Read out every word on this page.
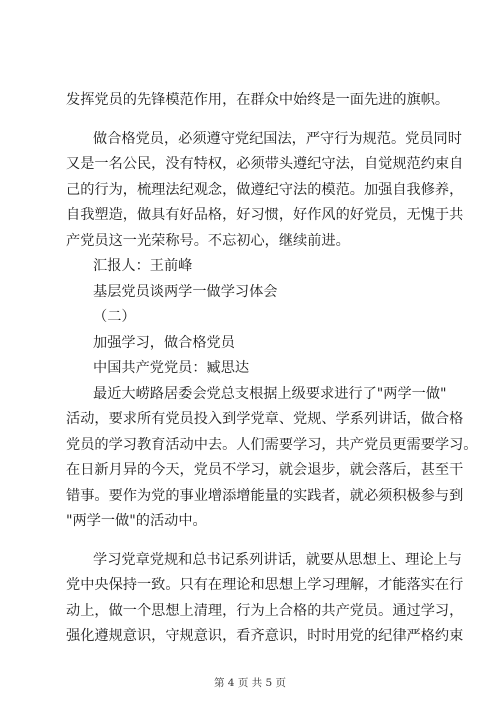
发挥党员的先锋模范作用，在群众中始终是一面先进的旗帜。
做合格党员，必须遵守党纪国法，严守行为规范。党员同时
又是一名公民，没有特权，必须带头遵纪守法，自觉规范约束自
己的行为，梳理法纪观念，做遵纪守法的模范。加强自我修养，
自我塑造，做具有好品格，好习惯，好作风的好党员，无愧于共
产党员这一光荣称号。不忘初心，继续前进。
汇报人：王前峰
基层党员谈两学一做学习体会
（二）
加强学习，做合格党员
中国共产党党员：臧思达
最近大崂路居委会党总支根据上级要求进行了"两学一做"
活动，要求所有党员投入到学党章、党规、学系列讲话，做合格
党员的学习教育活动中去。人们需要学习，共产党员更需要学习。
在日新月异的今天，党员不学习，就会退步，就会落后，甚至干
错事。要作为党的事业增添增能量的实践者，就必须积极参与到
"两学一做"的活动中。
学习党章党规和总书记系列讲话，就要从思想上、理论上与
党中央保持一致。只有在理论和思想上学习理解，才能落实在行
动上，做一个思想上清理，行为上合格的共产党员。通过学习，
强化遵规意识，守规意识，看齐意识，时时用党的纪律严格约束
第 4 页 共 5 页
